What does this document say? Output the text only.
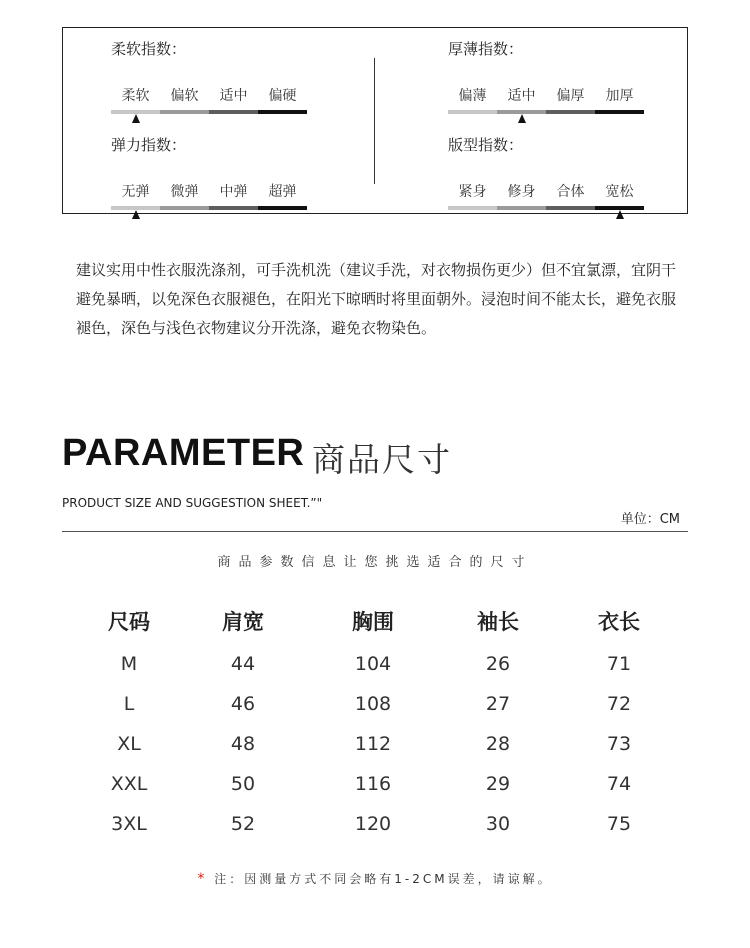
柔软指数：
柔软	偏软	适中	偏硬
厚薄指数：
偏薄	适中	偏厚	加厚
弹力指数：
无弹	微弹	中弹	超弹
版型指数：
紧身	修身	合体	宽松
建议实用中性衣服洗涤剂，可手洗机洗（建议手洗，对衣物损伤更少）但不宜氯漂，宜阴干避免暴晒，以免深色衣服褪色，在阳光下晾晒时将里面朝外。浸泡时间不能太长，避免衣服褪色，深色与浅色衣物建议分开洗涤，避免衣物染色。
PARAMETER 商品尺寸
PRODUCT SIZE AND SUGGESTION SHEET.”"
单位：CM
商品参数信息让您挑选适合的尺寸
尺码	肩宽	胸围	袖长	衣长
M	44	104	26	71
L	46	108	27	72
XL	48	112	28	73
XXL	50	116	29	74
3XL	52	120	30	75
* 注：因测量方式不同会略有1-2CM误差，请谅解。
